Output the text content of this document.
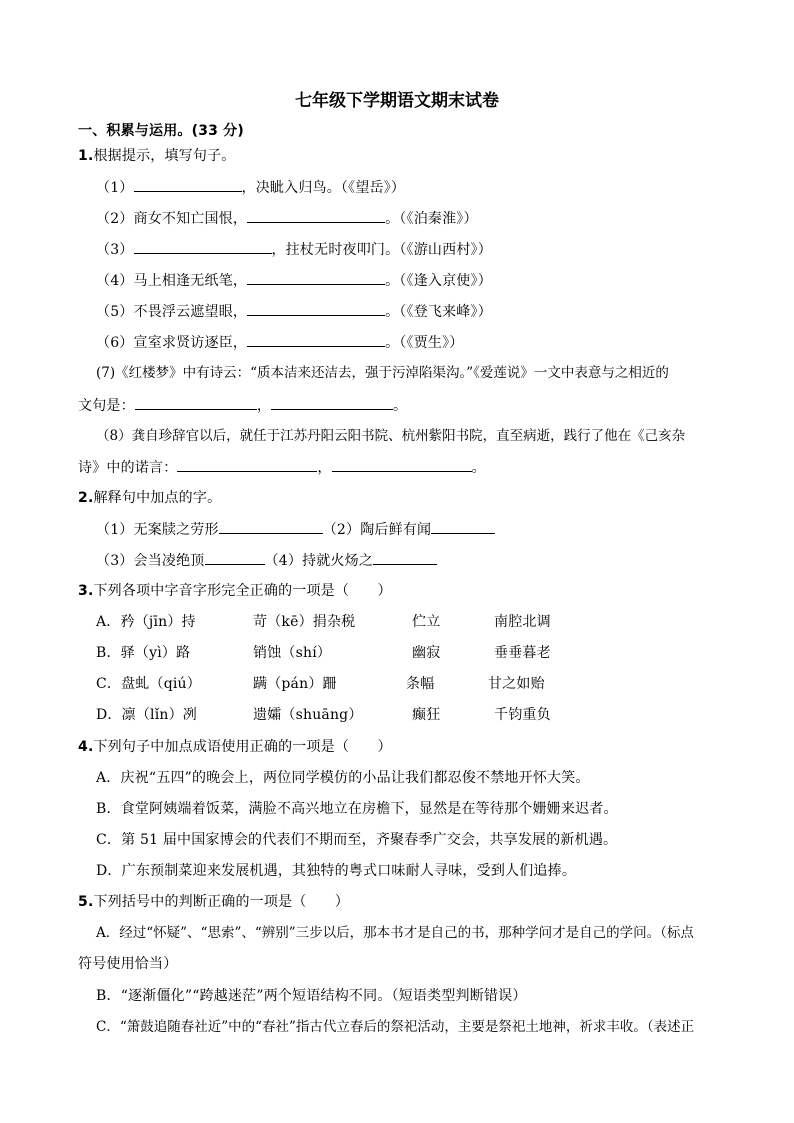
七年级下学期语文期末试卷
一、积累与运用。(33 分)
1.根据提示，填写句子。
（1）	，决眦入归鸟。（《望岳》）
（2）商女不知亡国恨，	。（《泊秦淮》）
（3）	，拄杖无时夜叩门。（《游山西村》）
（4）马上相逢无纸笔，	。（《逢入京使》）
（5）不畏浮云遮望眼，	。（《登飞来峰》）
（6）宣室求贤访逐臣，	。（《贾生》）
(7)《红楼梦》中有诗云：“质本洁来还洁去，强于污淖陷渠沟。”《爱莲说》一文中表意与之相近的
文句是：	，	。
（8）龚自珍辞官以后，就任于江苏丹阳云阳书院、杭州紫阳书院，直至病逝，践行了他在《己亥杂
诗》中的诺言：	，	。
2.解释句中加点的字。
（1）无案牍之劳形	（2）陶后鲜有闻
（3）会当凌绝顶	（4）持就火炀之
3.下列各项中字音字形完全正确的一项是（　　）
A．矜（jīn）持	苛（kē）捐杂税	伫立	南腔北调
B．驿（yì）路	销蚀（shí）	幽寂	垂垂暮老
C．盘虬（qiú）	蹒（pán）跚	条幅	甘之如贻
D．凛（lǐn）冽	遗孀（shuāng）	癫狂	千钧重负
4.下列句子中加点成语使用正确的一项是（　　）
A．庆祝“五四”的晚会上，两位同学模仿的小品让我们都忍俊不禁地开怀大笑。
B．食堂阿姨端着饭菜，满脸不高兴地立在房檐下，显然是在等待那个姗姗来迟者。
C．第 51 届中国家博会的代表们不期而至，齐聚春季广交会，共享发展的新机遇。
D．广东预制菜迎来发展机遇，其独特的粤式口味耐人寻味，受到人们追捧。
5.下列括号中的判断正确的一项是（　　）
A．经过“怀疑”、“思索”、“辨别”三步以后，那本书才是自己的书，那种学问才是自己的学问。（标点
符号使用恰当）
B．“逐渐僵化”“跨越迷茫”两个短语结构不同。（短语类型判断错误）
C．“箫鼓追随春社近”中的“春社”指古代立春后的祭祀活动，主要是祭祀土地神，祈求丰收。（表述正
